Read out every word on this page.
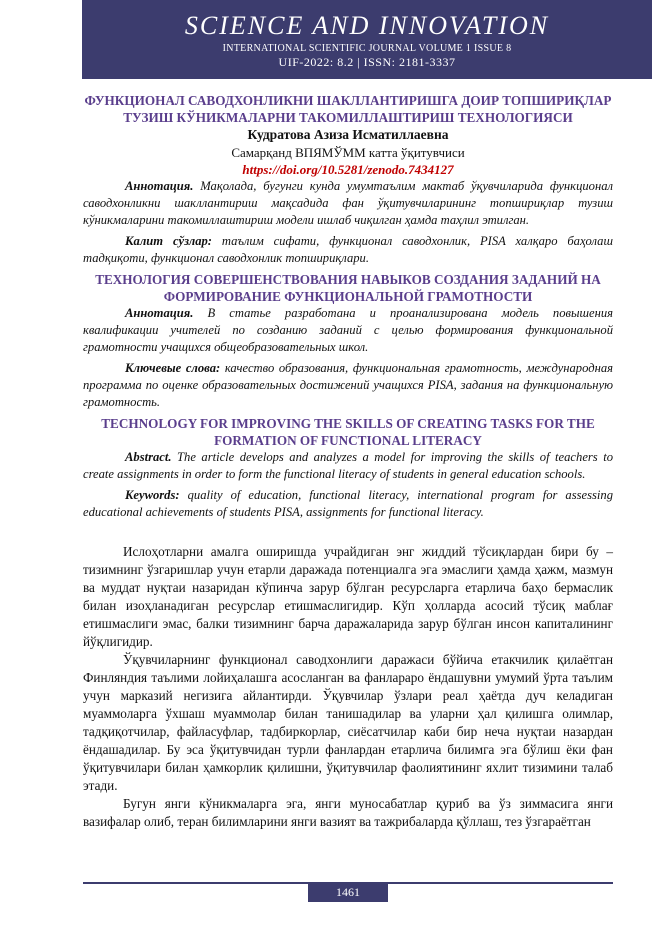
SCIENCE AND INNOVATION
INTERNATIONAL SCIENTIFIC JOURNAL VOLUME 1 ISSUE 8
UIF-2022: 8.2 | ISSN: 2181-3337

ФУНКЦИОНАЛ САВОДХОНЛИКНИ ШАКЛЛАНТИРИШГА ДОИР ТОПШИРИҚЛАР ТУЗИШ КЎНИКМАЛАРНИ ТАКОМИЛЛАШТИРИШ ТЕХНОЛОГИЯСИ

Кудратова Азиза Исматиллаевна

Самарқанд ВПЯМЎММ катта ўқитувчиси

https://doi.org/10.5281/zenodo.7434127

Аннотация. Мақолада, бугунги кунда умумтаълим мактаб ўқувчиларида функционал саводхонликни шакллантириш мақсадида фан ўқитувчиларининг топшириқлар тузиш кўникмаларини такомиллаштириш модели ишлаб чиқилган ҳамда таҳлил этилган.

Калит сўзлар: таълим сифати, функционал саводхонлик, PISA халқаро баҳолаш тадқиқоти, функционал саводхонлик топшириқлари.

ТЕХНОЛОГИЯ СОВЕРШЕНСТВОВАНИЯ НАВЫКОВ СОЗДАНИЯ ЗАДАНИЙ НА ФОРМИРОВАНИЕ ФУНКЦИОНАЛЬНОЙ ГРАМОТНОСТИ

Аннотация. В статье разработана и проанализирована модель повышения квалификации учителей по созданию заданий с целью формирования функциональной грамотности учащихся общеобразовательных школ.

Ключевые слова: качество образования, функциональная грамотность, международная программа по оценке образовательных достижений учащихся PISA, задания на функциональную грамотность.

TECHNOLOGY FOR IMPROVING THE SKILLS OF CREATING TASKS FOR THE FORMATION OF FUNCTIONAL LITERACY

Abstract. The article develops and analyzes a model for improving the skills of teachers to create assignments in order to form the functional literacy of students in general education schools.

Keywords: quality of education, functional literacy, international program for assessing educational achievements of students PISA, assignments for functional literacy.

Ислоҳотларни амалга оширишда учрайдиган энг жиддий тўсиқлардан бири бу – тизимнинг ўзгаришлар учун етарли даражада потенциалга эга эмаслиги ҳамда ҳажм, мазмун ва муддат нуқтаи назаридан кўпинча зарур бўлган ресурсларга етарлича баҳо бермаслик билан изоҳланадиган ресурслар етишмаслигидир. Кўп ҳолларда асосий тўсиқ маблағ етишмаслиги эмас, балки тизимнинг барча даражаларида зарур бўлган инсон капиталининг йўқлигидир.

Ўқувчиларнинг функционал саводхонлиги даражаси бўйича етакчилик қилаётган Финляндия таълими лойиҳалашга асосланган ва фанлараро ёндашувни умумий ўрта таълим учун марказий негизига айлантирди. Ўқувчилар ўзлари реал ҳаётда дуч келадиган муаммоларга ўхшаш муаммолар билан танишадилар ва уларни ҳал қилишга олимлар, тадқиқотчилар, файласуфлар, тадбиркорлар, сиёсатчилар каби бир неча нуқтаи назардан ёндашадилар. Бу эса ўқитувчидан турли фанлардан етарлича билимга эга бўлиш ёки фан ўқитувчилари билан ҳамкорлик қилишни, ўқитувчилар фаолиятининг яхлит тизимини талаб этади.

Бугун янги кўникмаларга эга, янги муносабатлар қуриб ва ўз зиммасига янги вазифалар олиб, теран билимларини янги вазият ва тажрибаларда қўллаш, тез ўзгараётган

1461
